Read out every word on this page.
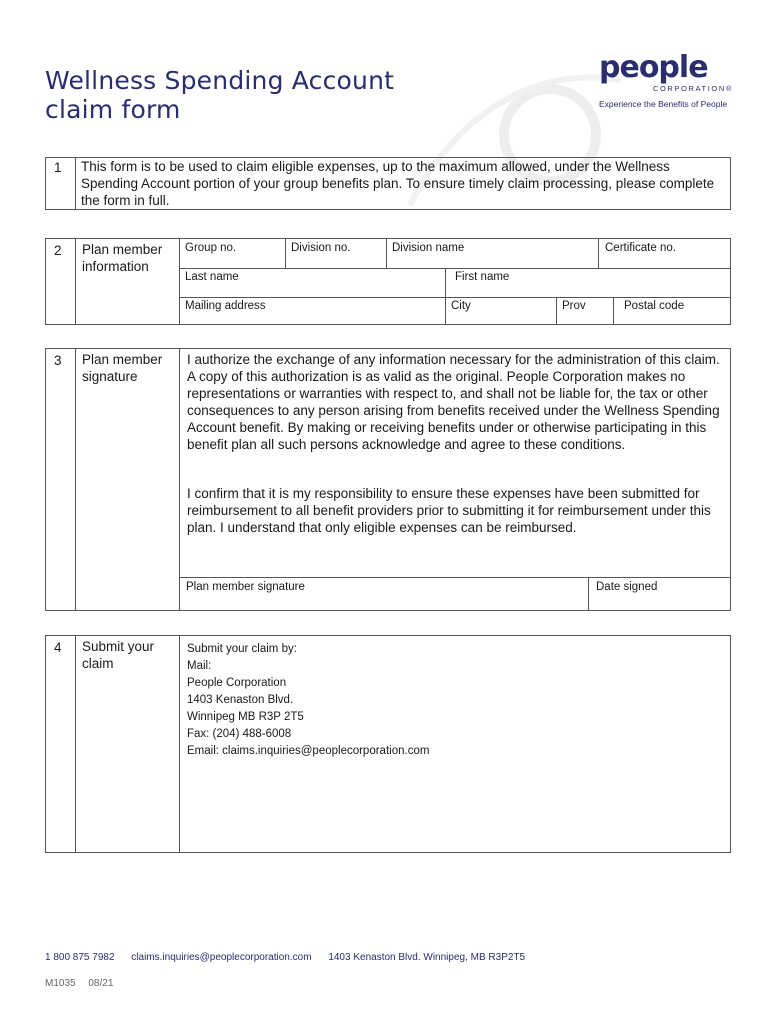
Wellness Spending Account
claim form
people
CORPORATION®
Experience the Benefits of People
1	This form is to be used to claim eligible expenses, up to the maximum allowed, under the Wellness Spending Account portion of your group benefits plan. To ensure timely claim processing, please complete the form in full.
2	Plan member information
Group no.	Division no.	Division name	Certificate no.
Last name	First name
Mailing address	City	Prov	Postal code
3	Plan member signature

I authorize the exchange of any information necessary for the administration of this claim. A copy of this authorization is as valid as the original. People Corporation makes no representations or warranties with respect to, and shall not be liable for, the tax or other consequences to any person arising from benefits received under the Wellness Spending Account benefit. By making or receiving benefits under or otherwise participating in this benefit plan all such persons acknowledge and agree to these conditions.

I confirm that it is my responsibility to ensure these expenses have been submitted for reimbursement to all benefit providers prior to submitting it for reimbursement under this plan. I understand that only eligible expenses can be reimbursed.

Plan member signature	Date signed
4	Submit your claim
Submit your claim by:
Mail:
People Corporation
1403 Kenaston Blvd.
Winnipeg MB R3P 2T5
Fax: (204) 488-6008
Email: claims.inquiries@peoplecorporation.com
1 800 875 7982 claims.inquiries@peoplecorporation.com 1403 Kenaston Blvd. Winnipeg, MB R3P2T5
M1035 08/21
